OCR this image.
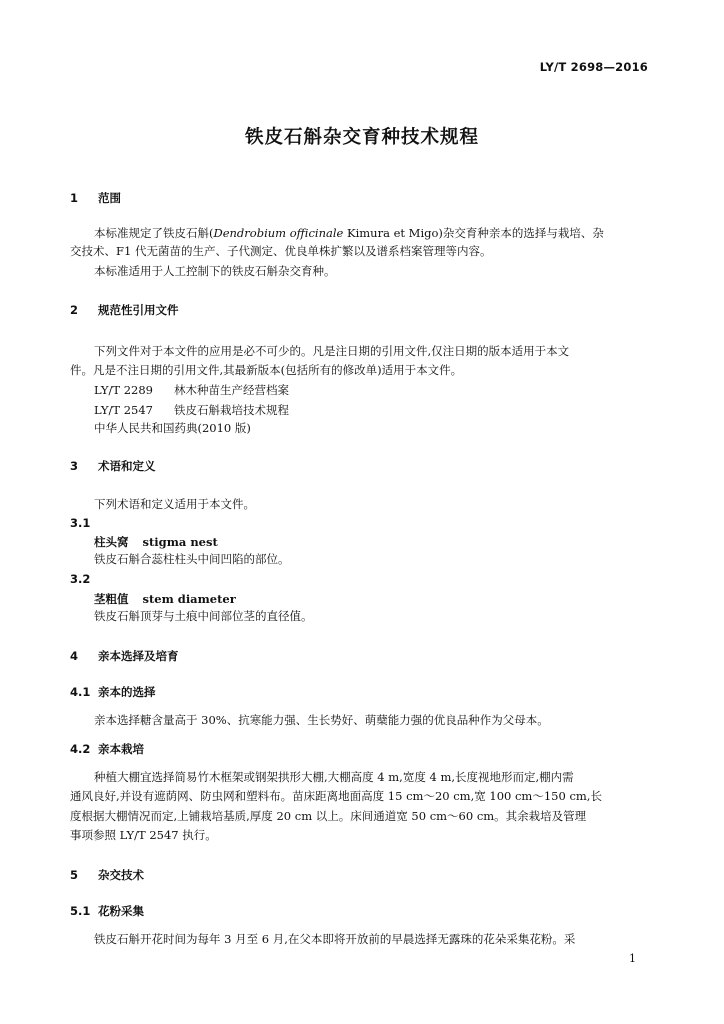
LY/T 2698—2016
铁皮石斛杂交育种技术规程
1 范围
本标准规定了铁皮石斛(Dendrobium officinale Kimura et Migo)杂交育种亲本的选择与栽培、杂
交技术、F1 代无菌苗的生产、子代测定、优良单株扩繁以及谱系档案管理等内容。
本标准适用于人工控制下的铁皮石斛杂交育种。
2 规范性引用文件
下列文件对于本文件的应用是必不可少的。凡是注日期的引用文件,仅注日期的版本适用于本文
件。凡是不注日期的引用文件,其最新版本(包括所有的修改单)适用于本文件。
LY/T 2289 林木种苗生产经营档案
LY/T 2547 铁皮石斛栽培技术规程
中华人民共和国药典(2010 版)
3 术语和定义
下列术语和定义适用于本文件。
3.1
柱头窝 stigma nest
铁皮石斛合蕊柱柱头中间凹陷的部位。
3.2
茎粗值 stem diameter
铁皮石斛顶芽与土痕中间部位茎的直径值。
4 亲本选择及培育
4.1 亲本的选择
亲本选择糖含量高于 30%、抗寒能力强、生长势好、萌蘖能力强的优良品种作为父母本。
4.2 亲本栽培
种植大棚宜选择简易竹木框架或钢架拱形大棚,大棚高度 4 m,宽度 4 m,长度视地形而定,棚内需
通风良好,并设有遮荫网、防虫网和塑料布。苗床距离地面高度 15 cm～20 cm,宽 100 cm～150 cm,长
度根据大棚情况而定,上铺栽培基质,厚度 20 cm 以上。床间通道宽 50 cm～60 cm。其余栽培及管理
事项参照 LY/T 2547 执行。
5 杂交技术
5.1 花粉采集
铁皮石斛开花时间为每年 3 月至 6 月,在父本即将开放前的早晨选择无露珠的花朵采集花粉。采
1
